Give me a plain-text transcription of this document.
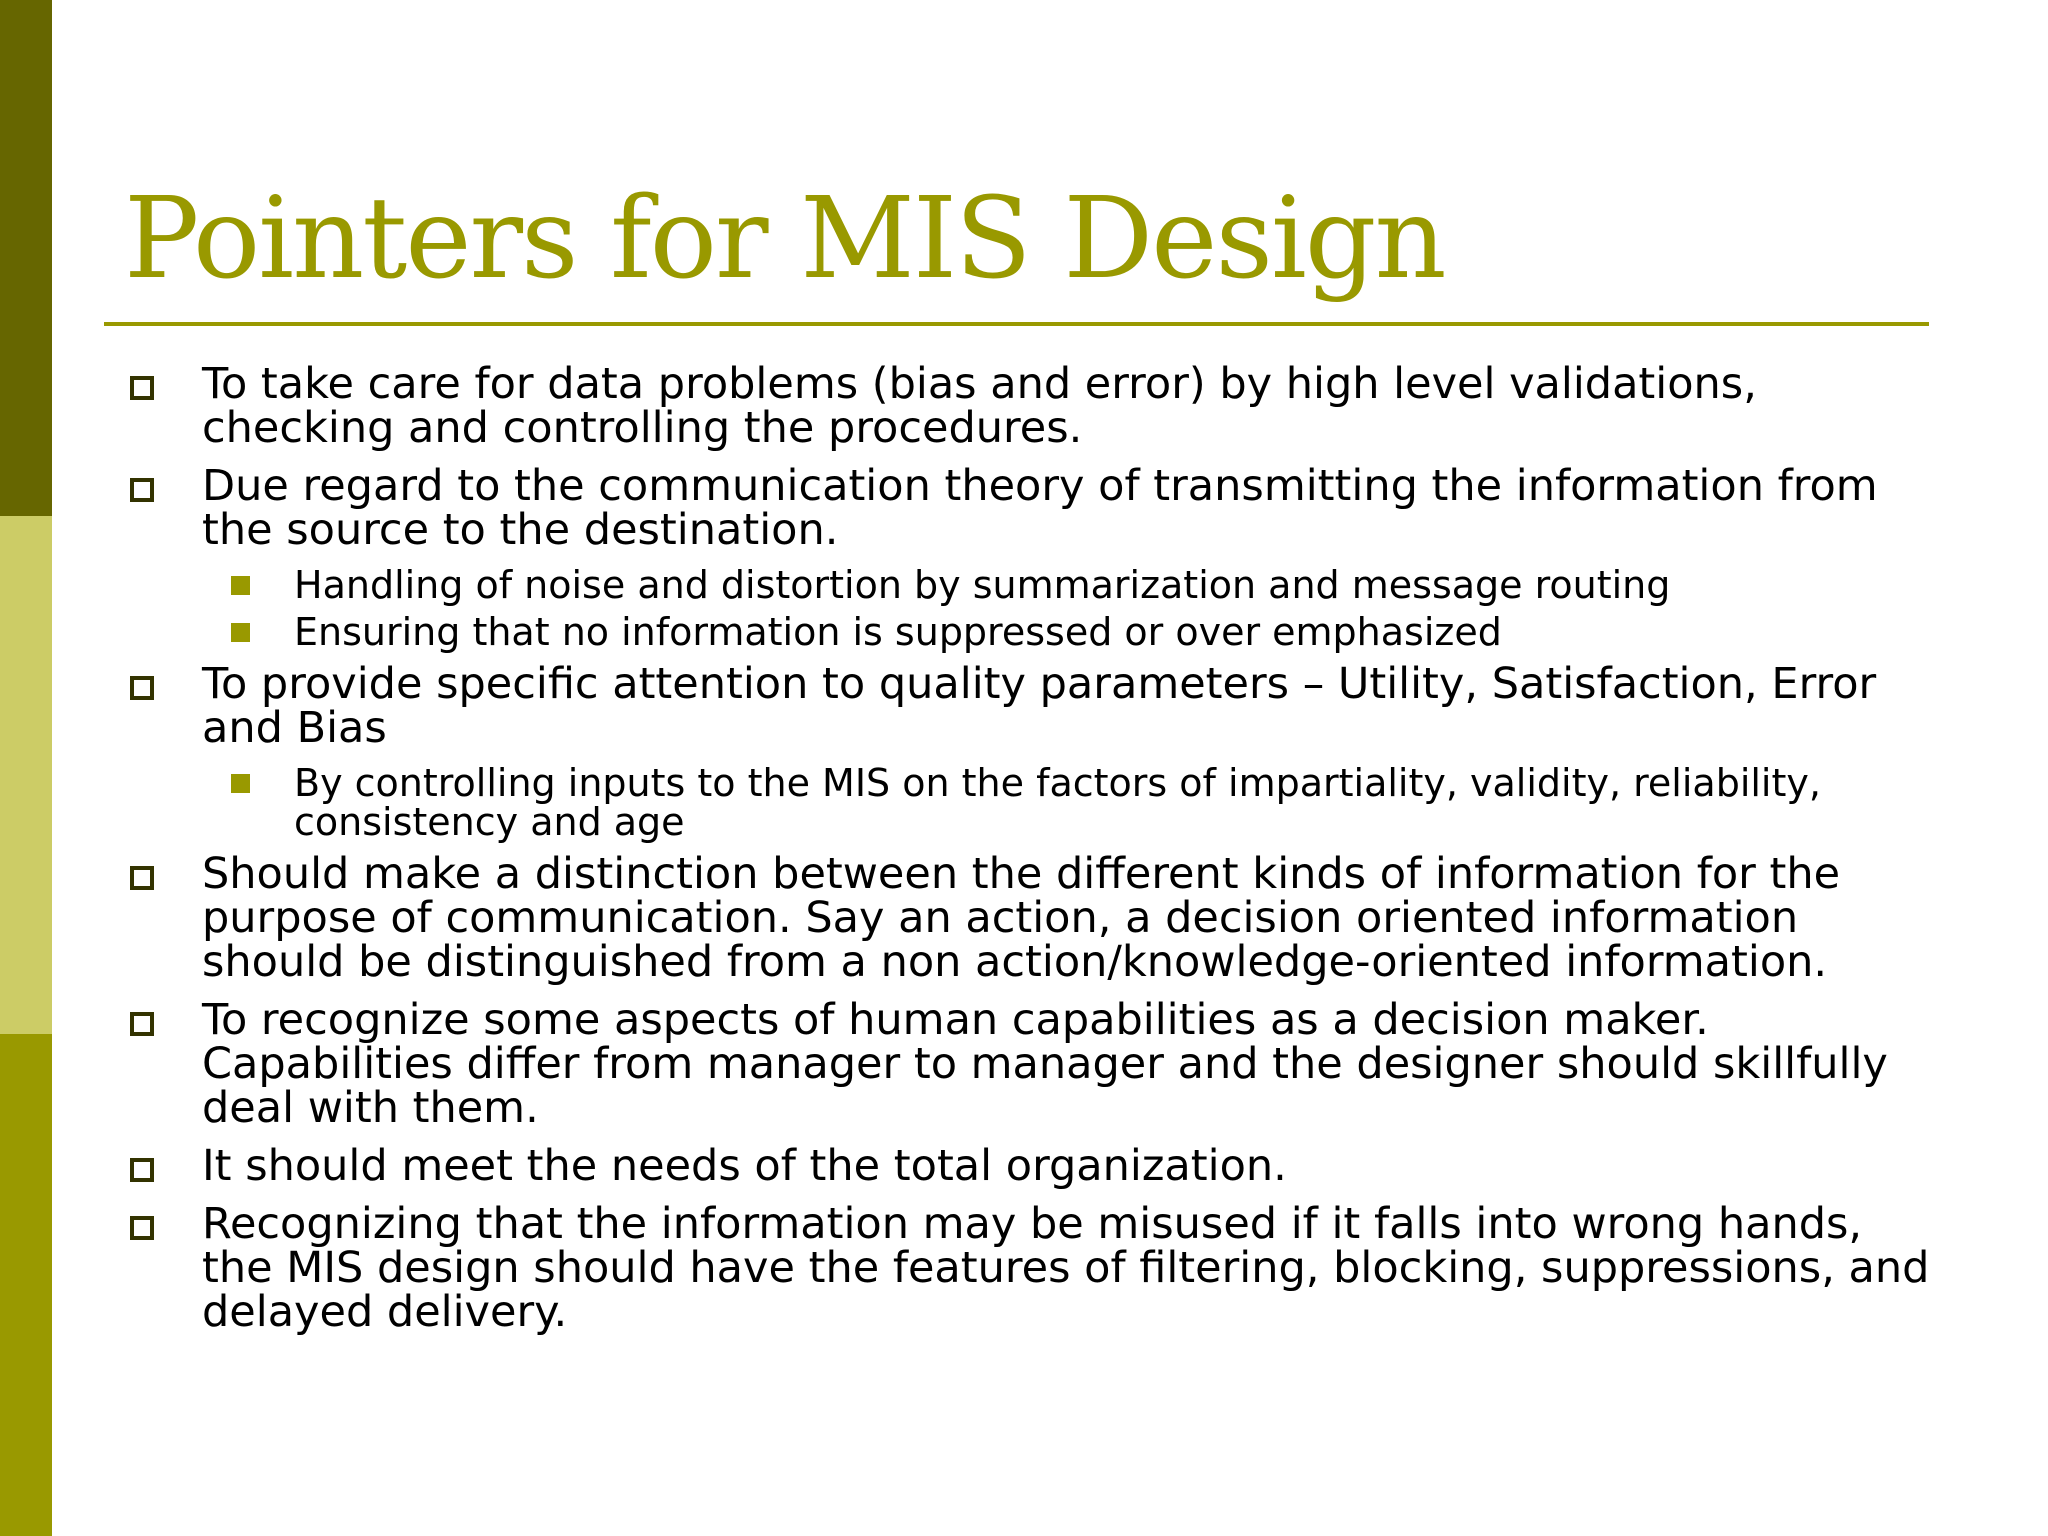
Pointers for MIS Design
To take care for data problems (bias and error) by high level validations, checking and controlling the procedures.
Due regard to the communication theory of transmitting the information from the source to the destination.
Handling of noise and distortion by summarization and message routing
Ensuring that no information is suppressed or over emphasized
To provide specific attention to quality parameters – Utility, Satisfaction, Error and Bias
By controlling inputs to the MIS on the factors of impartiality, validity, reliability, consistency and age
Should make a distinction between the different kinds of information for the purpose of communication. Say an action, a decision oriented information should be distinguished from a non action/knowledge-oriented information.
To recognize some aspects of human capabilities as a decision maker. Capabilities differ from manager to manager and the designer should skillfully deal with them.
It should meet the needs of the total organization.
Recognizing that the information may be misused if it falls into wrong hands, the MIS design should have the features of filtering, blocking, suppressions, and delayed delivery.
